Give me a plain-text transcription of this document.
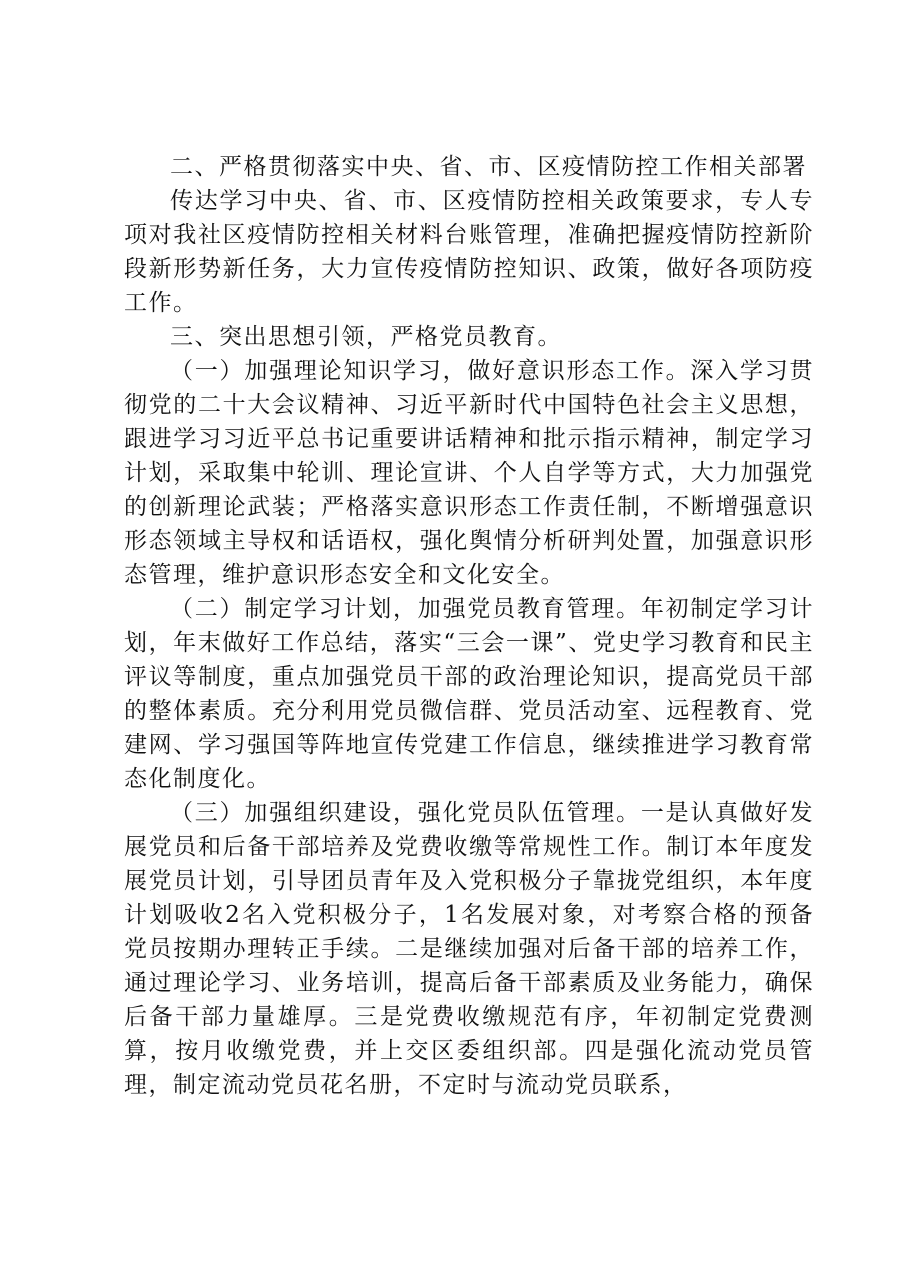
二、严格贯彻落实中央、省、市、区疫情防控工作相关部署

传达学习中央、省、市、区疫情防控相关政策要求，专人专项对我社区疫情防控相关材料台账管理，准确把握疫情防控新阶段新形势新任务，大力宣传疫情防控知识、政策，做好各项防疫工作。

三、突出思想引领，严格党员教育。

（一）加强理论知识学习，做好意识形态工作。深入学习贯彻党的二十大会议精神、习近平新时代中国特色社会主义思想，跟进学习习近平总书记重要讲话精神和批示指示精神，制定学习计划，采取集中轮训、理论宣讲、个人自学等方式，大力加强党的创新理论武装；严格落实意识形态工作责任制，不断增强意识形态领域主导权和话语权，强化舆情分析研判处置，加强意识形态管理，维护意识形态安全和文化安全。

（二）制定学习计划，加强党员教育管理。年初制定学习计划，年末做好工作总结，落实“三会一课”、党史学习教育和民主评议等制度，重点加强党员干部的政治理论知识，提高党员干部的整体素质。充分利用党员微信群、党员活动室、远程教育、党建网、学习强国等阵地宣传党建工作信息，继续推进学习教育常态化制度化。

（三）加强组织建设，强化党员队伍管理。一是认真做好发展党员和后备干部培养及党费收缴等常规性工作。制订本年度发展党员计划，引导团员青年及入党积极分子靠拢党组织，本年度计划吸收2名入党积极分子，1名发展对象，对考察合格的预备党员按期办理转正手续。二是继续加强对后备干部的培养工作，通过理论学习、业务培训，提高后备干部素质及业务能力，确保后备干部力量雄厚。三是党费收缴规范有序，年初制定党费测算，按月收缴党费，并上交区委组织部。四是强化流动党员管理，制定流动党员花名册，不定时与流动党员联系，
